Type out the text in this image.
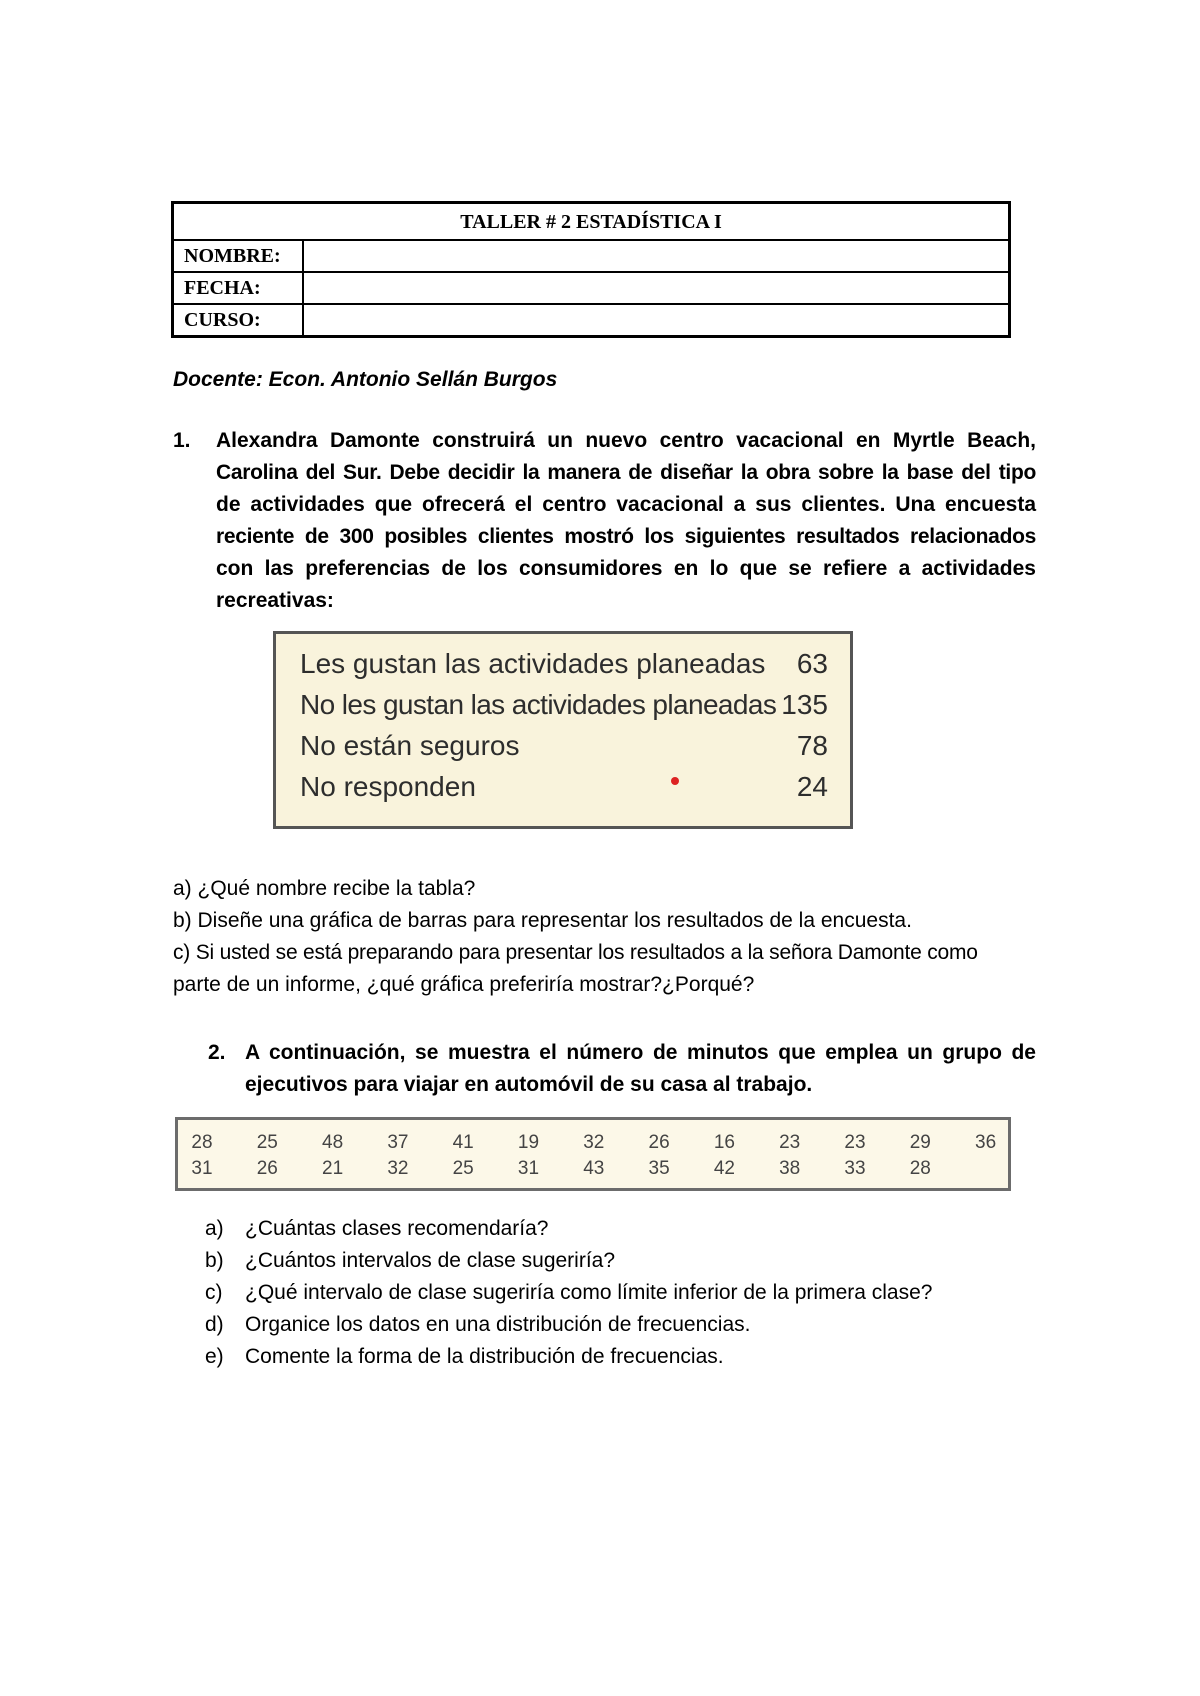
TALLER # 2 ESTADÍSTICA I	
NOMBRE:	
FECHA:	
CURSO:	
Docente: Econ. Antonio Sellán Burgos
1. Alexandra Damonte construirá un nuevo centro vacacional en Myrtle Beach,
Carolina del Sur. Debe decidir la manera de diseñar la obra sobre la base del tipo
de actividades que ofrecerá el centro vacacional a sus clientes. Una encuesta
reciente de 300 posibles clientes mostró los siguientes resultados relacionados
con las preferencias de los consumidores en lo que se refiere a actividades
recreativas:
Les gustan las actividades planeadas 63
No les gustan las actividades planeadas 135
No están seguros	78
No responden	24
a) ¿Qué nombre recibe la tabla?
b) Diseñe una gráfica de barras para representar los resultados de la encuesta.
c) Si usted se está preparando para presentar los resultados a la señora Damonte como
parte de un informe, ¿qué gráfica preferiría mostrar?¿Porqué?
2. A continuación, se muestra el número de minutos que emplea un grupo de
ejecutivos para viajar en automóvil de su casa al trabajo.
28	25	48	37	41	19	32	26	16	23	23	29	36
31	26	21	32	25	31	43	35	42	38	33	28
a) ¿Cuántas clases recomendaría?
b) ¿Cuántos intervalos de clase sugeriría?
c) ¿Qué intervalo de clase sugeriría como límite inferior de la primera clase?
d) Organice los datos en una distribución de frecuencias.
e) Comente la forma de la distribución de frecuencias.
